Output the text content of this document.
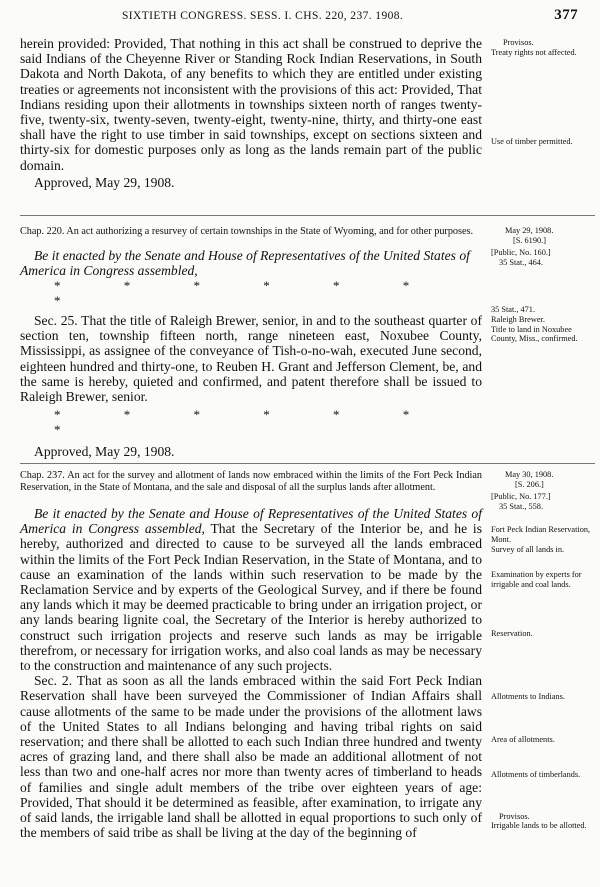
SIXTIETH CONGRESS. SESS. I. CHS. 220, 237. 1908.	377

herein provided: Provided, That nothing in this act shall be construed to deprive the said Indians of the Cheyenne River or Standing Rock Indian Reservations, in South Dakota and North Dakota, of any benefits to which they are entitled under existing treaties or agreements not inconsistent with the provisions of this act: Provided, That Indians residing upon their allotments in townships sixteen north of ranges twenty-five, twenty-six, twenty-seven, twenty-eight, twenty-nine, thirty, and thirty-one east shall have the right to use timber in said townships, except on sections sixteen and thirty-six for domestic purposes only as long as the lands remain part of the public domain.

Approved, May 29, 1908.

Provisos.

Treaty rights not affected.

Use of timber permitted.

Chap. 220. An act authorizing a resurvey of certain townships in the State of Wyoming, and for other purposes.

Be it enacted by the Senate and House of Representatives of the United States of America in Congress assembled,

* * * * * * *

Sec. 25. That the title of Raleigh Brewer, senior, in and to the southeast quarter of section ten, township fifteen north, range nineteen east, Noxubee County, Mississippi, as assignee of the conveyance of Tish-o-no-wah, executed June second, eighteen hundred and thirty-one, to Reuben H. Grant and Jefferson Clement, be, and the same is hereby, quieted and confirmed, and patent therefore shall be issued to Raleigh Brewer, senior.

* * * * * * *

Approved, May 29, 1908.

May 29, 1908.

[S. 6190.]

[Public, No. 160.]

35 Stat., 464.

35 Stat., 471.

Raleigh Brewer.

Title to land in Noxubee County, Miss., confirmed.

Chap. 237. An act for the survey and allotment of lands now embraced within the limits of the Fort Peck Indian Reservation, in the State of Montana, and the sale and disposal of all the surplus lands after allotment.

Be it enacted by the Senate and House of Representatives of the United States of America in Congress assembled, That the Secretary of the Interior be, and he is hereby, authorized and directed to cause to be surveyed all the lands embraced within the limits of the Fort Peck Indian Reservation, in the State of Montana, and to cause an examination of the lands within such reservation to be made by the Reclamation Service and by experts of the Geological Survey, and if there be found any lands which it may be deemed practicable to bring under an irrigation project, or any lands bearing lignite coal, the Secretary of the Interior is hereby authorized to construct such irrigation projects and reserve such lands as may be irrigable therefrom, or necessary for irrigation works, and also coal lands as may be necessary to the construction and maintenance of any such projects.

Sec. 2. That as soon as all the lands embraced within the said Fort Peck Indian Reservation shall have been surveyed the Commissioner of Indian Affairs shall cause allotments of the same to be made under the provisions of the allotment laws of the United States to all Indians belonging and having tribal rights on said reservation; and there shall be allotted to each such Indian three hundred and twenty acres of grazing land, and there shall also be made an additional allotment of not less than two and one-half acres nor more than twenty acres of timberland to heads of families and single adult members of the tribe over eighteen years of age: Provided, That should it be determined as feasible, after examination, to irrigate any of said lands, the irrigable land shall be allotted in equal proportions to such only of the members of said tribe as shall be living at the day of the beginning of

May 30, 1908.

[S. 206.]

[Public, No. 177.]

35 Stat., 558.

Fort Peck Indian Reservation, Mont.

Survey of all lands in.

Examination by experts for irrigable and coal lands.

Reservation.

Allotments to Indians.

Area of allotments.

Allotments of timberlands.

Provisos.

Irrigable lands to be allotted.
